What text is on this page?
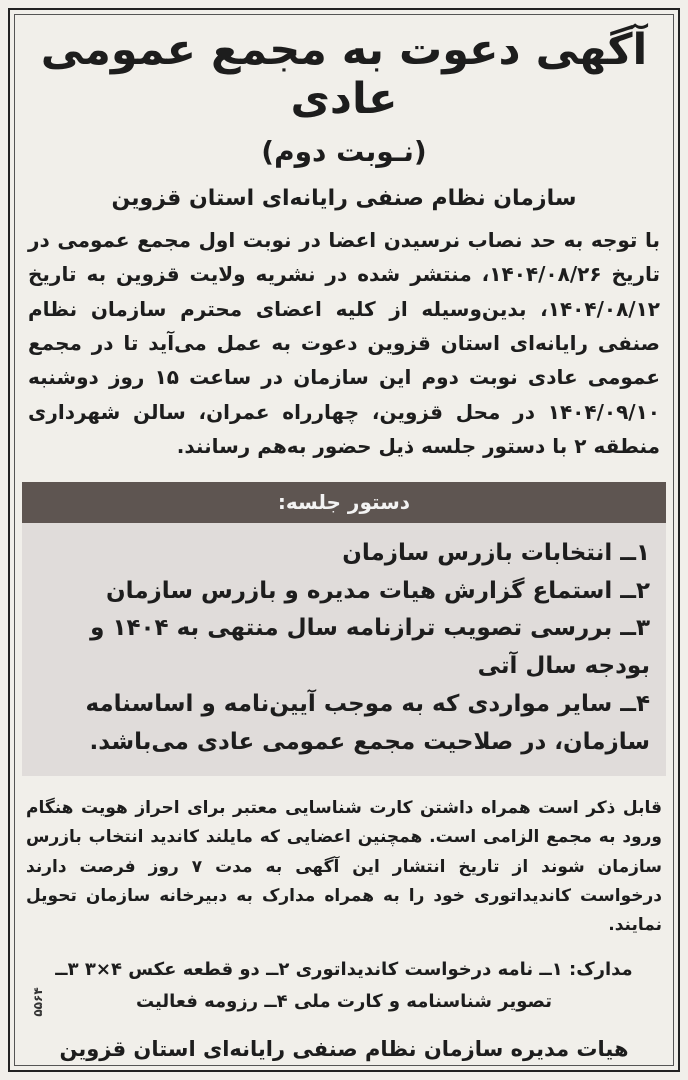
آگهی دعوت به مجمع عمومی عادی
(نـوبت دوم)
سازمان نظام صنفی رایانه‌ای استان قزوین
با توجه به حد نصاب نرسیدن اعضا در نوبت اول مجمع عمومی در تاریخ ۱۴۰۴/۰۸/۲۶، منتشر شده در نشریه ولایت قزوین به تاریخ ۱۴۰۴/۰۸/۱۲، بدین‌وسیله از کلیه اعضای محترم سازمان نظام صنفی رایانه‌ای استان قزوین دعوت به عمل می‌آید تا در مجمع عمومی عادی نوبت دوم این سازمان در ساعت ۱۵ روز دوشنبه ۱۴۰۴/۰۹/۱۰ در محل قزوین، چهارراه عمران، سالن شهرداری منطقه ۲ با دستور جلسه ذیل حضور به‌هم رسانند.
دستور جلسه:

۱ــ انتخابات بازرس سازمان

۲ــ استماع گزارش هیات مدیره و بازرس سازمان

۳ــ بررسی تصویب ترازنامه سال منتهی به ۱۴۰۴ و بودجه سال آتی

۴ــ سایر مواردی که به موجب آیین‌نامه و اساسنامه سازمان، در صلاحیت مجمع عمومی عادی می‌باشد.

قابل ذکر است همراه داشتن کارت شناسایی معتبر برای احراز هویت هنگام ورود به مجمع الزامی است. همچنین اعضایی که مایلند کاندید انتخاب بازرس سازمان شوند از تاریخ انتشار این آگهی به مدت ۷ روز فرصت دارند درخواست کاندیداتوری خود را به همراه مدارک به دبیرخانه سازمان تحویل نمایند.
مدارک: ۱ــ نامه درخواست کاندیداتوری ۲ــ دو قطعه عکس ۴×۳ ۳ــ تصویر شناسنامه و کارت ملی ۴ــ رزومه فعالیت
هیات مدیره سازمان نظام صنفی رایانه‌ای استان قزوین
۵۵۶۴
